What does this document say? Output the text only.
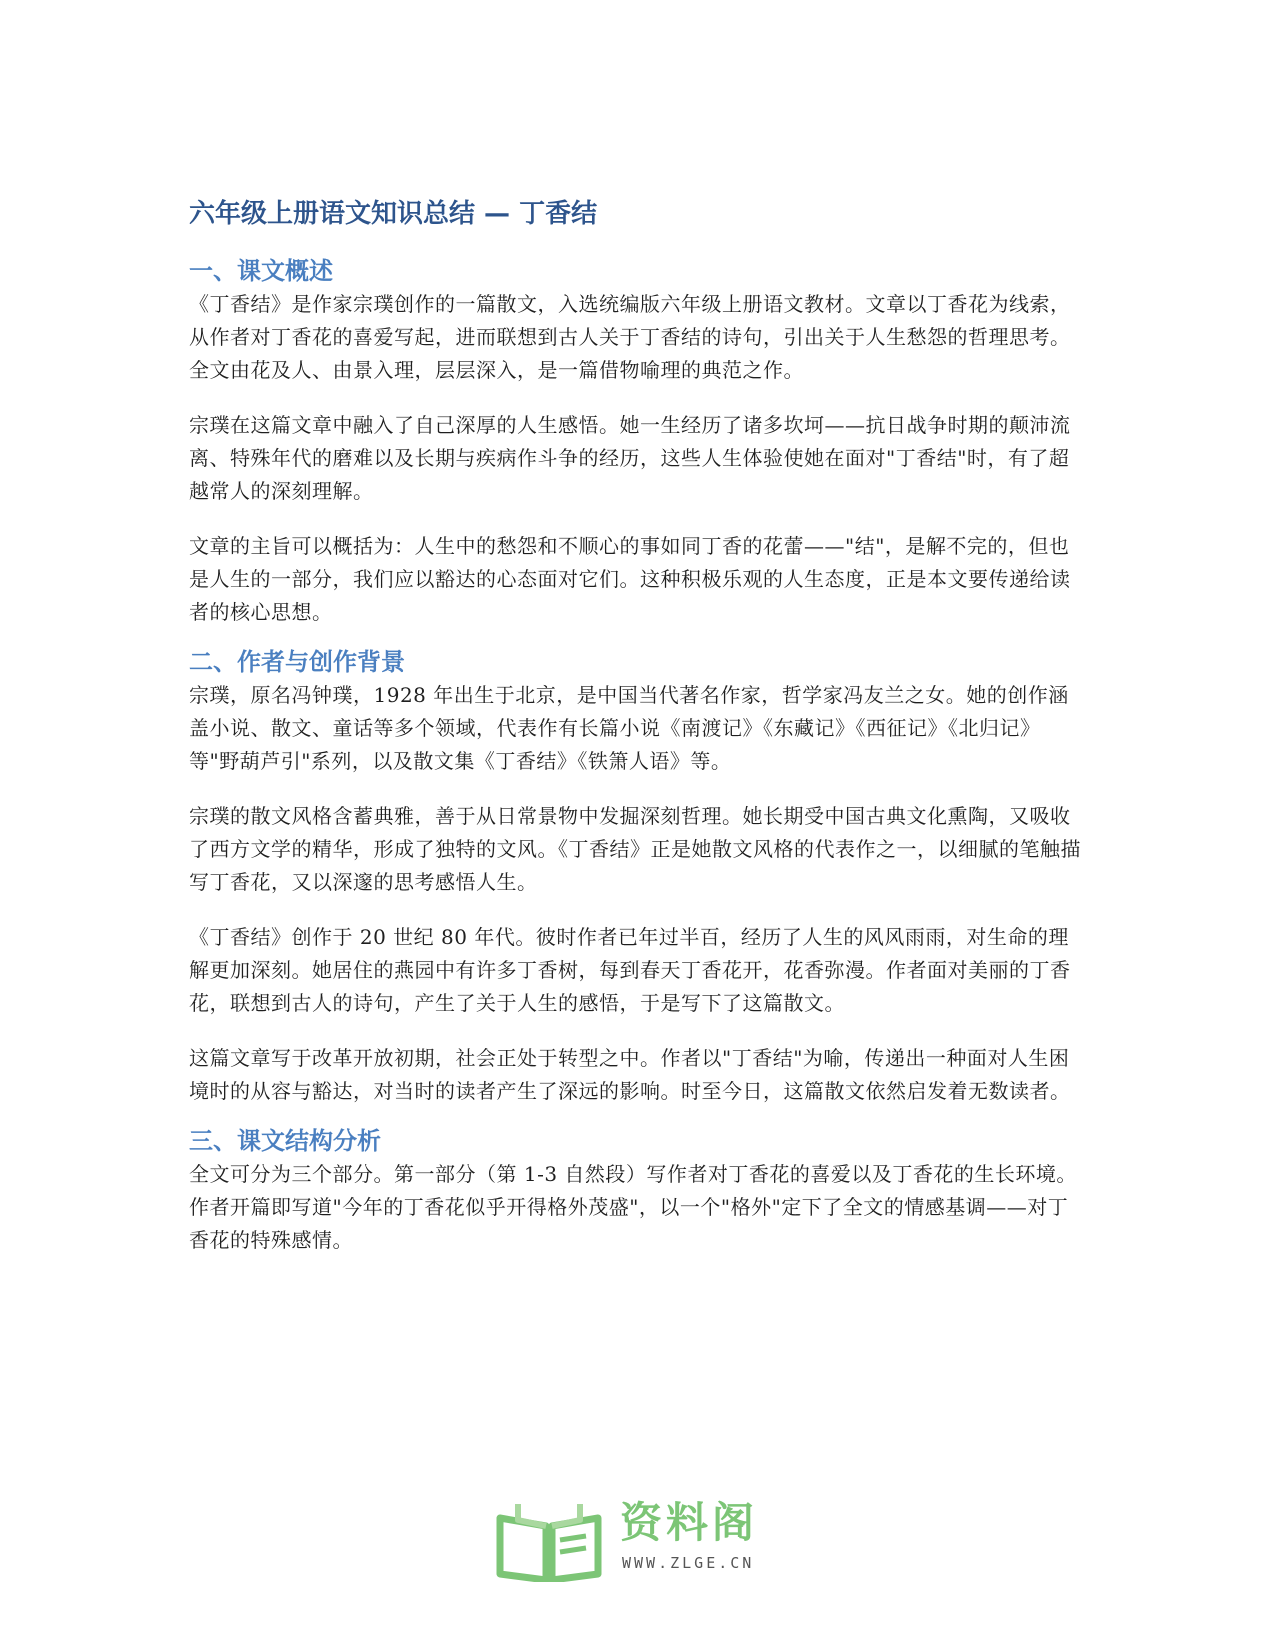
六年级上册语文知识总结 — 丁香结
一、课文概述

《丁香结》是作家宗璞创作的一篇散文，入选统编版六年级上册语文教材。文章以丁香花为线索，从作者对丁香花的喜爱写起，进而联想到古人关于丁香结的诗句，引出关于人生愁怨的哲理思考。全文由花及人、由景入理，层层深入，是一篇借物喻理的典范之作。

宗璞在这篇文章中融入了自己深厚的人生感悟。她一生经历了诸多坎坷——抗日战争时期的颠沛流离、特殊年代的磨难以及长期与疾病作斗争的经历，这些人生体验使她在面对"丁香结"时，有了超越常人的深刻理解。

文章的主旨可以概括为：人生中的愁怨和不顺心的事如同丁香的花蕾——"结"，是解不完的，但也是人生的一部分，我们应以豁达的心态面对它们。这种积极乐观的人生态度，正是本文要传递给读者的核心思想。

二、作者与创作背景

宗璞，原名冯钟璞，1928 年出生于北京，是中国当代著名作家，哲学家冯友兰之女。她的创作涵盖小说、散文、童话等多个领域，代表作有长篇小说《南渡记》《东藏记》《西征记》《北归记》等"野葫芦引"系列，以及散文集《丁香结》《铁箫人语》等。

宗璞的散文风格含蓄典雅，善于从日常景物中发掘深刻哲理。她长期受中国古典文化熏陶，又吸收了西方文学的精华，形成了独特的文风。《丁香结》正是她散文风格的代表作之一，以细腻的笔触描写丁香花，又以深邃的思考感悟人生。

《丁香结》创作于 20 世纪 80 年代。彼时作者已年过半百，经历了人生的风风雨雨，对生命的理解更加深刻。她居住的燕园中有许多丁香树，每到春天丁香花开，花香弥漫。作者面对美丽的丁香花，联想到古人的诗句，产生了关于人生的感悟，于是写下了这篇散文。

这篇文章写于改革开放初期，社会正处于转型之中。作者以"丁香结"为喻，传递出一种面对人生困境时的从容与豁达，对当时的读者产生了深远的影响。时至今日，这篇散文依然启发着无数读者。

三、课文结构分析

全文可分为三个部分。第一部分（第 1-3 自然段）写作者对丁香花的喜爱以及丁香花的生长环境。作者开篇即写道"今年的丁香花似乎开得格外茂盛"，以一个"格外"定下了全文的情感基调——对丁香花的特殊感情。

资料阁
WWW.ZLGE.CN
